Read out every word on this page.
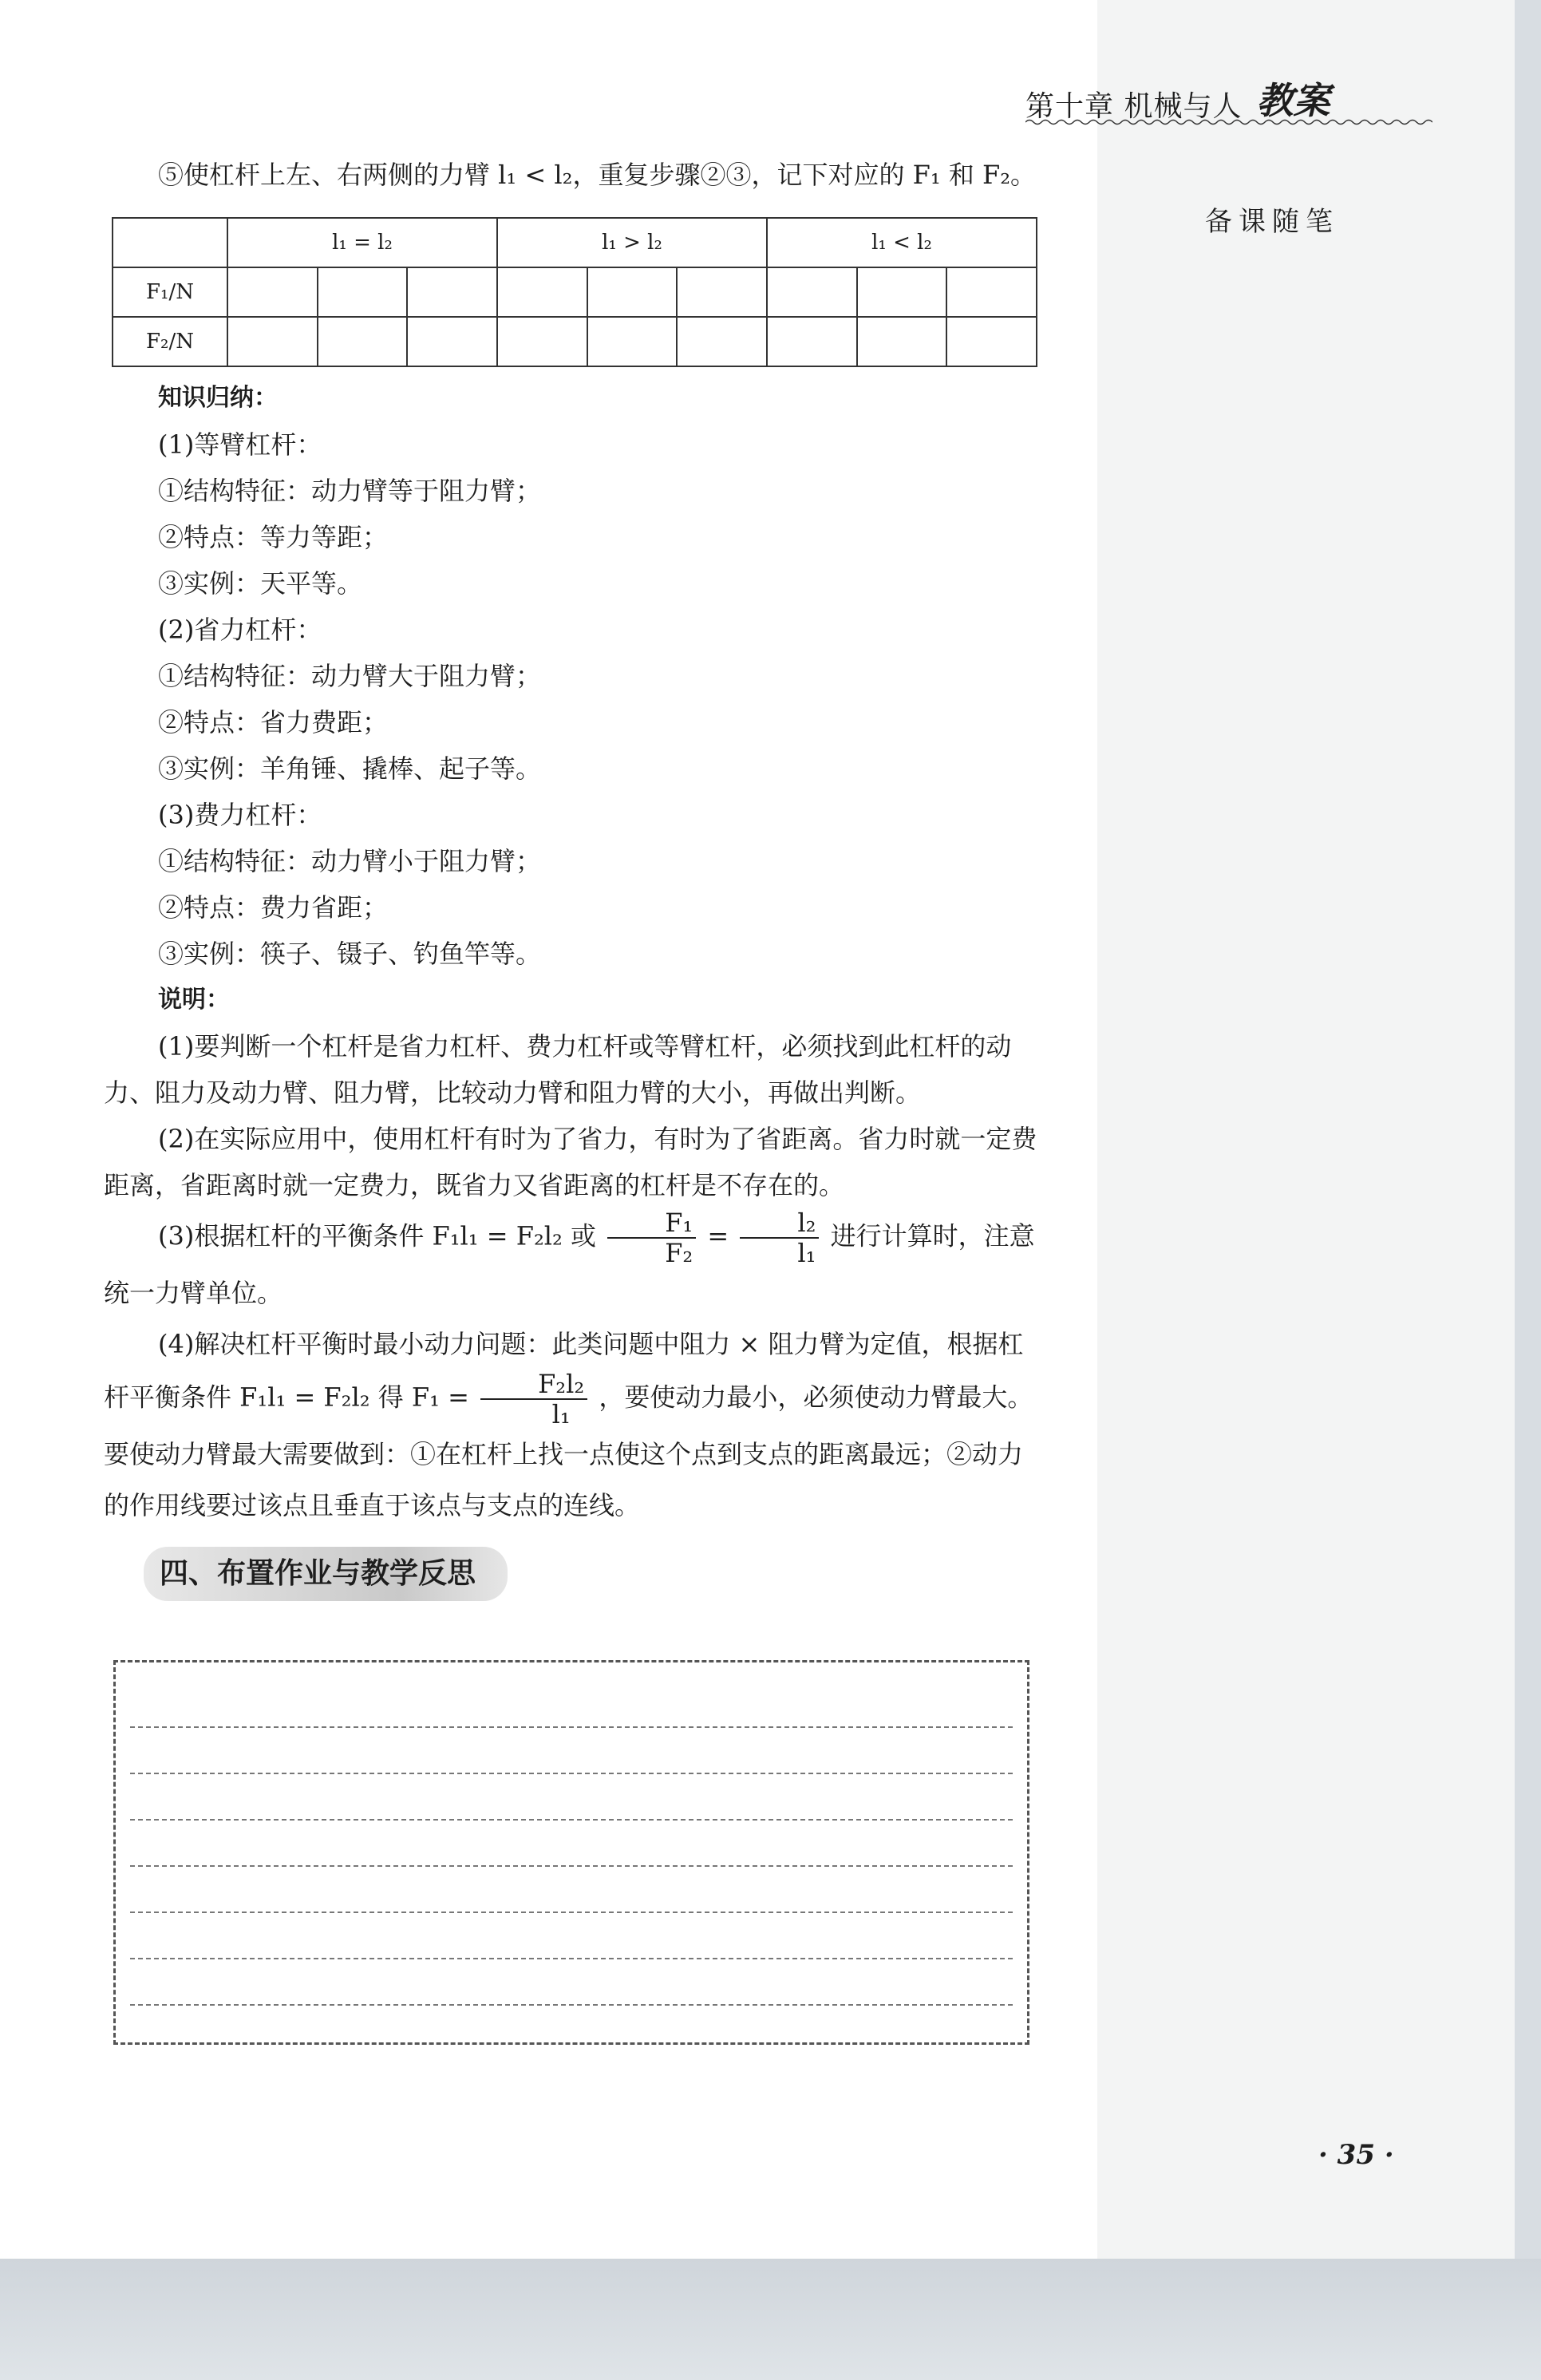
第十章 机械与人 教案
备课随笔

⑤使杠杆上左、右两侧的力臂 l₁ < l₂，重复步骤②③，记下对应的 F₁ 和 F₂。

	l₁ = l₂			l₁ > l₂			l₁ < l₂		
F₁/N									
F₂/N									

知识归纳：

(1)等臂杠杆：

①结构特征：动力臂等于阻力臂；

②特点：等力等距；

③实例：天平等。

(2)省力杠杆：

①结构特征：动力臂大于阻力臂；

②特点：省力费距；

③实例：羊角锤、撬棒、起子等。

(3)费力杠杆：

①结构特征：动力臂小于阻力臂；

②特点：费力省距；

③实例：筷子、镊子、钓鱼竿等。

说明：

(1)要判断一个杠杆是省力杠杆、费力杠杆或等臂杠杆，必须找到此杠杆的动力、阻力及动力臂、阻力臂，比较动力臂和阻力臂的大小，再做出判断。

(2)在实际应用中，使用杠杆有时为了省力，有时为了省距离。省力时就一定费距离，省距离时就一定费力，既省力又省距离的杠杆是不存在的。

(3)根据杠杆的平衡条件 F₁l₁ = F₂l₂ 或 $\frac{\text{F₁}}{\text{F₂}} = \frac{\text{l₂}}{\text{l₁}}$ 进行计算时，注意统一力臂单位。

(4)解决杠杆平衡时最小动力问题：此类问题中阻力 × 阻力臂为定值，根据杠杆平衡条件 F₁l₁ = F₂l₂ 得 $F_1 = \frac{\text{F₂l₂}}{\text{l₁}}$ ，要使动力最小，必须使动力臂最大。要使动力臂最大需要做到：①在杠杆上找一点使这个点到支点的距离最远；②动力的作用线要过该点且垂直于该点与支点的连线。

四、布置作业与教学反思
· 35 ·
